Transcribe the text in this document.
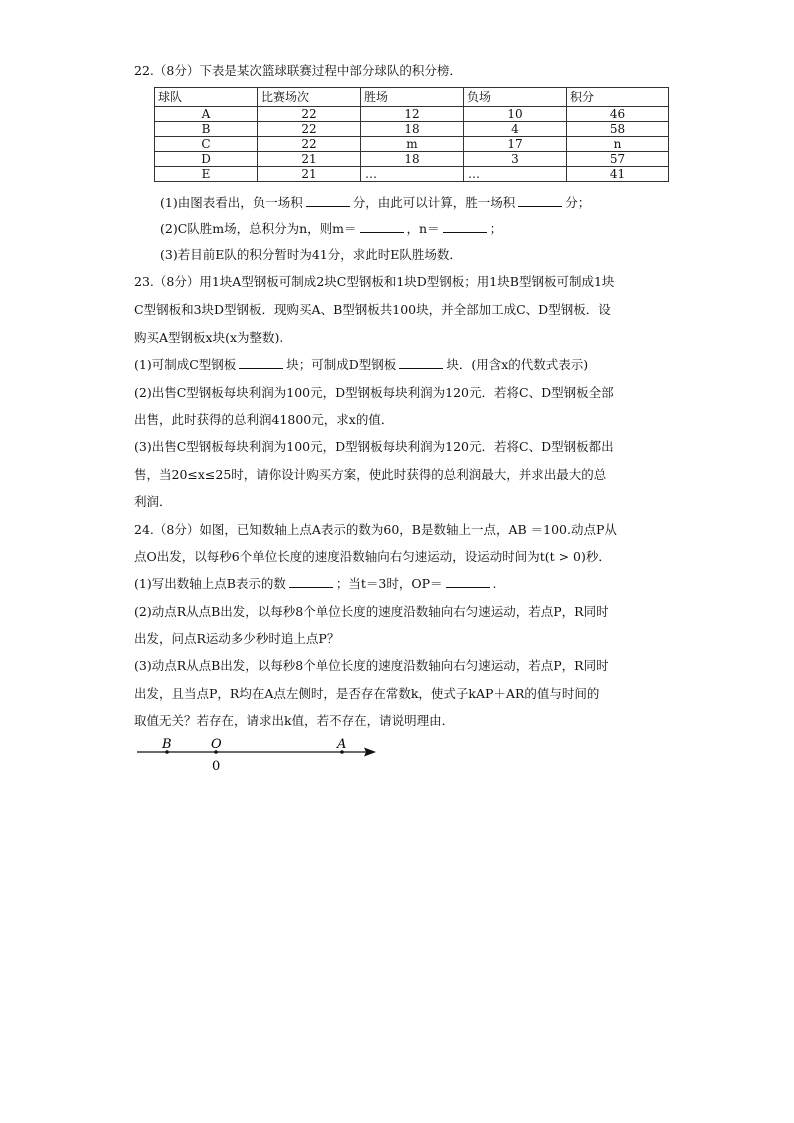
22.（8分）下表是某次篮球联赛过程中部分球队的积分榜．
球队	比赛场次	胜场	负场	积分
A	22	12	10	46
B	22	18	4	58
C	22	m	17	n
D	21	18	3	57
E	21	…	…	41
(1)由图表看出，负一场积	分，由此可以计算，胜一场积	分；
(2)C队胜m场，总积分为n，则m＝	，n＝	；
(3)若目前E队的积分暂时为41分，求此时E队胜场数．
23.（8分）用1块A型钢板可制成2块C型钢板和1块D型钢板；用1块B型钢板可制成1块
C型钢板和3块D型钢板．现购买A、B型钢板共100块，并全部加工成C、D型钢板．设
购买A型钢板x块(x为整数).
(1)可制成C型钢板	块；可制成D型钢板	块．(用含x的代数式表示)
(2)出售C型钢板每块利润为100元，D型钢板每块利润为120元．若将C、D型钢板全部
出售，此时获得的总利润41800元，求x的值．
(3)出售C型钢板每块利润为100元，D型钢板每块利润为120元．若将C、D型钢板都出
售，当20≤x≤25时，请你设计购买方案，使此时获得的总利润最大，并求出最大的总
利润．
24.（8分）如图，已知数轴上点A表示的数为60，B是数轴上一点，AB ＝100.动点P从
点O出发，以每秒6个单位长度的速度沿数轴向右匀速运动，设运动时间为t(t > 0)秒．
(1)写出数轴上点B表示的数	；当t＝3时，OP＝	.
(2)动点R从点B出发，以每秒8个单位长度的速度沿数轴向右匀速运动，若点P，R同时
出发，问点R运动多少秒时追上点P？
(3)动点R从点B出发，以每秒8个单位长度的速度沿数轴向右匀速运动，若点P，R同时
出发，且当点P，R均在A点左侧时，是否存在常数k，使式子kAP＋AR的值与时间的
取值无关？若存在，请求出k值，若不存在，请说明理由．
B	O	A
0
